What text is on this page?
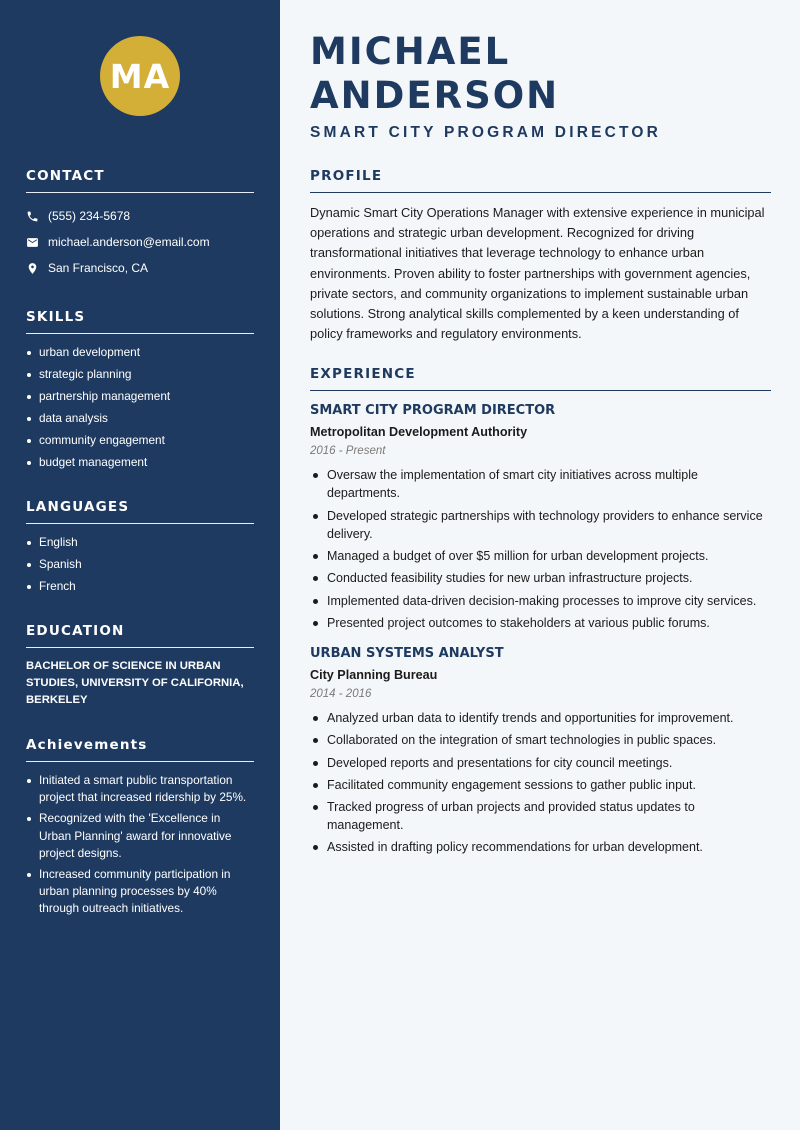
MA
CONTACT
(555) 234-5678
michael.anderson@email.com
San Francisco, CA
SKILLS
urban development
strategic planning
partnership management
data analysis
community engagement
budget management
LANGUAGES
English
Spanish
French
EDUCATION

BACHELOR OF SCIENCE IN URBAN STUDIES, UNIVERSITY OF CALIFORNIA, BERKELEY

Achievements
Initiated a smart public transportation project that increased ridership by 25%.
Recognized with the 'Excellence in Urban Planning' award for innovative project designs.
Increased community participation in urban planning processes by 40% through outreach initiatives.
MICHAEL ANDERSON
SMART CITY PROGRAM DIRECTOR
PROFILE

Dynamic Smart City Operations Manager with extensive experience in municipal operations and strategic urban development. Recognized for driving transformational initiatives that leverage technology to enhance urban environments. Proven ability to foster partnerships with government agencies, private sectors, and community organizations to implement sustainable urban solutions. Strong analytical skills complemented by a keen understanding of policy frameworks and regulatory environments.

EXPERIENCE
SMART CITY PROGRAM DIRECTOR
Metropolitan Development Authority
2016 - Present
Oversaw the implementation of smart city initiatives across multiple departments.
Developed strategic partnerships with technology providers to enhance service delivery.
Managed a budget of over $5 million for urban development projects.
Conducted feasibility studies for new urban infrastructure projects.
Implemented data-driven decision-making processes to improve city services.
Presented project outcomes to stakeholders at various public forums.
URBAN SYSTEMS ANALYST
City Planning Bureau
2014 - 2016
Analyzed urban data to identify trends and opportunities for improvement.
Collaborated on the integration of smart technologies in public spaces.
Developed reports and presentations for city council meetings.
Facilitated community engagement sessions to gather public input.
Tracked progress of urban projects and provided status updates to management.
Assisted in drafting policy recommendations for urban development.
